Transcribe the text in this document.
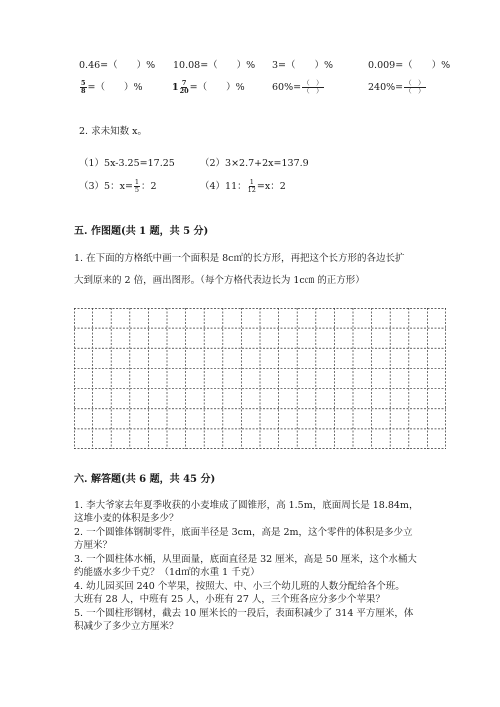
0.46=（　　）% 10.08=（　　）% 3=（　　）%	0.009=（　　）%
$\frac{5}{8}$ =（　　）%	$1 \frac{7}{20}$ =（　　）%	$60\%= \frac{( )}{( )}$	$240\%= \frac{( )}{( )}$
2. 求未知数 x。
（1）5x-3.25=17.25	（2）3×2.7+2x=137.9
（3）5：$x= \frac{1}{5}$ ：2	（4）11： $\frac{1}{12} =x$：2
五. 作图题(共 1 题，共 5 分)
1. 在下面的方格纸中画一个面积是 8c㎡的长方形，再把这个长方形的各边长扩
大到原来的 2 倍，画出图形。（每个方格代表边长为 1c㎝ 的正方形）
六. 解答题(共 6 题，共 45 分)
1. 李大爷家去年夏季收获的小麦堆成了圆锥形，高 1.5m，底面周长是 18.84m，
这堆小麦的体积是多少？
2. 一个圆锥体钢制零件，底面半径是 3cm，高是 2m，这个零件的体积是多少立
方厘米？
3. 一个圆柱体水桶，从里面量，底面直径是 32 厘米，高是 50 厘米，这个水桶大
约能盛水多少千克？（1d㎡的水重 1 千克）
4. 幼儿园买回 240 个苹果，按照大、中、小三个幼儿班的人数分配给各个班。
大班有 28 人，中班有 25 人，小班有 27 人，三个班各应分多少个苹果？
5. 一个圆柱形钢材，截去 10 厘米长的一段后，表面积减少了 314 平方厘米，体
积减少了多少立方厘米？
